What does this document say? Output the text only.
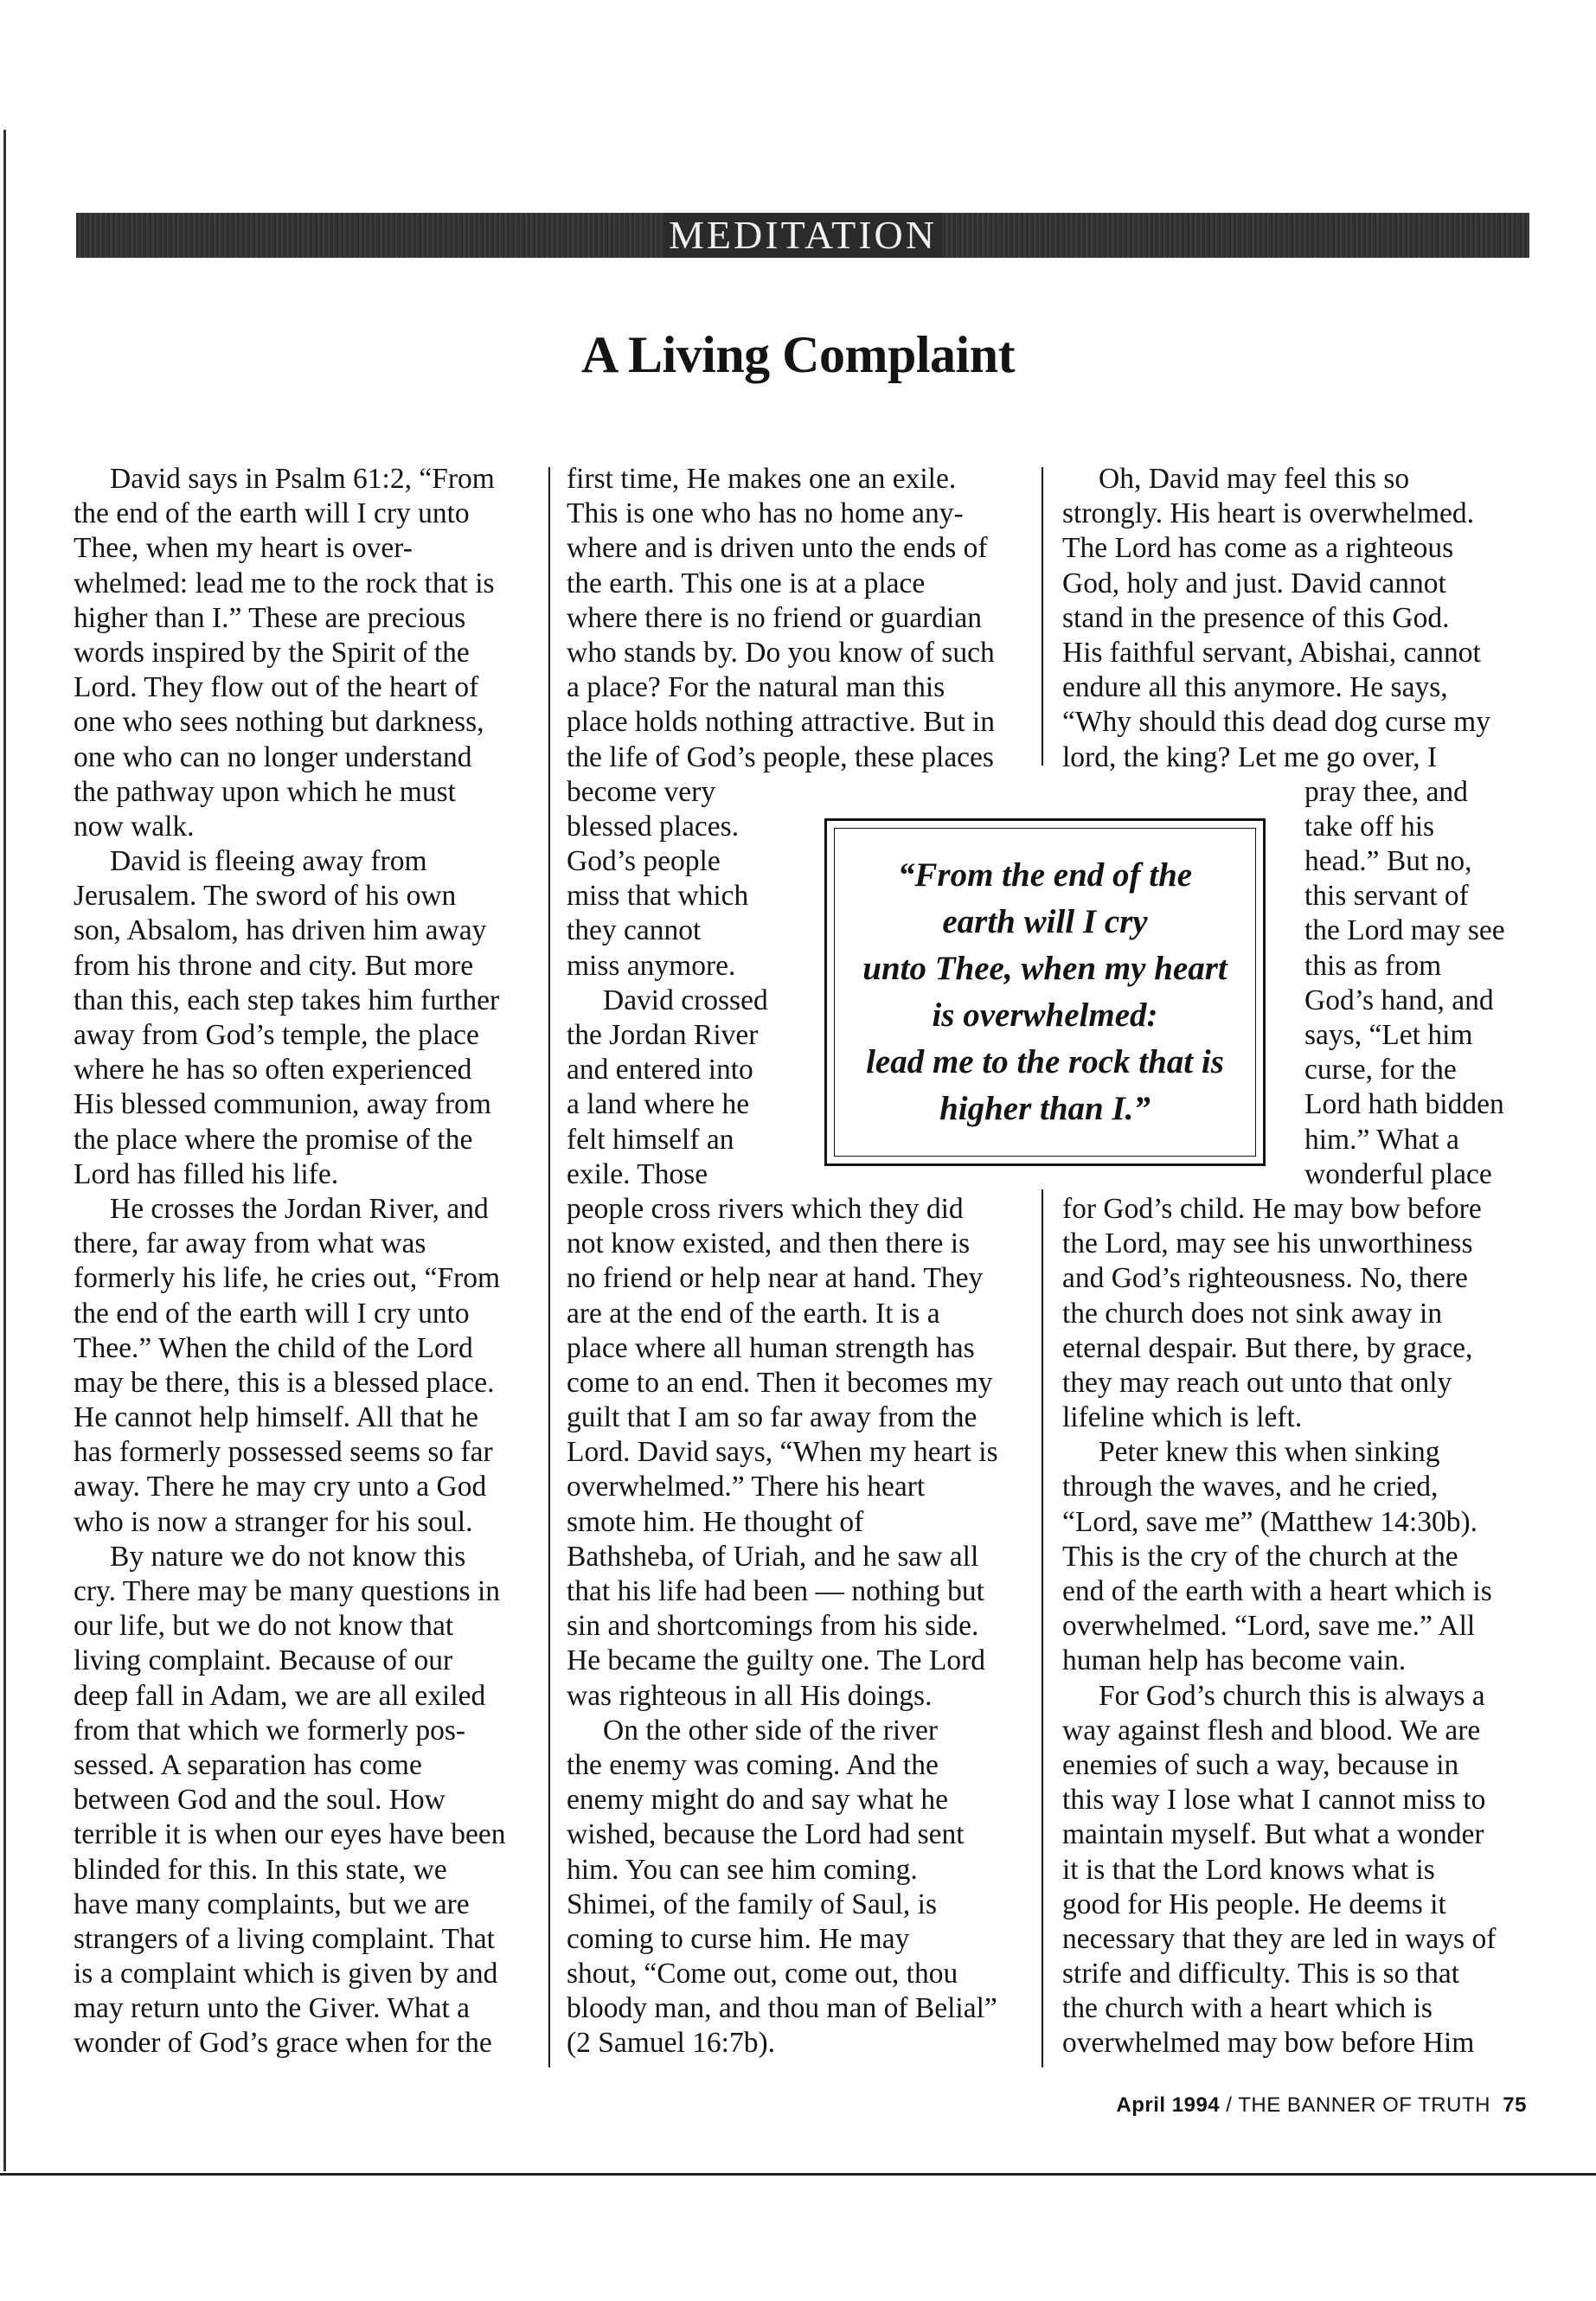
MEDITATION
A Living Complaint
David says in Psalm 61:2, “From
the end of the earth will I cry unto
Thee, when my heart is over-
whelmed: lead me to the rock that is
higher than I.” These are precious
words inspired by the Spirit of the
Lord. They flow out of the heart of
one who sees nothing but darkness,
one who can no longer understand
the pathway upon which he must
now walk.
David is fleeing away from
Jerusalem. The sword of his own
son, Absalom, has driven him away
from his throne and city. But more
than this, each step takes him further
away from God’s temple, the place
where he has so often experienced
His blessed communion, away from
the place where the promise of the
Lord has filled his life.
He crosses the Jordan River, and
there, far away from what was
formerly his life, he cries out, “From
the end of the earth will I cry unto
Thee.” When the child of the Lord
may be there, this is a blessed place.
He cannot help himself. All that he
has formerly possessed seems so far
away. There he may cry unto a God
who is now a stranger for his soul.
By nature we do not know this
cry. There may be many questions in
our life, but we do not know that
living complaint. Because of our
deep fall in Adam, we are all exiled
from that which we formerly pos-
sessed. A separation has come
between God and the soul. How
terrible it is when our eyes have been
blinded for this. In this state, we
have many complaints, but we are
strangers of a living complaint. That
is a complaint which is given by and
may return unto the Giver. What a
wonder of God’s grace when for the
first time, He makes one an exile.
This is one who has no home any-
where and is driven unto the ends of
the earth. This one is at a place
where there is no friend or guardian
who stands by. Do you know of such
a place? For the natural man this
place holds nothing attractive. But in
the life of God’s people, these places
become very
blessed places.
God’s people
miss that which
they cannot
miss anymore.
David crossed
the Jordan River
and entered into
a land where he
felt himself an
exile. Those
people cross rivers which they did
not know existed, and then there is
no friend or help near at hand. They
are at the end of the earth. It is a
place where all human strength has
come to an end. Then it becomes my
guilt that I am so far away from the
Lord. David says, “When my heart is
overwhelmed.” There his heart
smote him. He thought of
Bathsheba, of Uriah, and he saw all
that his life had been — nothing but
sin and shortcomings from his side.
He became the guilty one. The Lord
was righteous in all His doings.
On the other side of the river
the enemy was coming. And the
enemy might do and say what he
wished, because the Lord had sent
him. You can see him coming.
Shimei, of the family of Saul, is
coming to curse him. He may
shout, “Come out, come out, thou
bloody man, and thou man of Belial”
(2 Samuel 16:7b).
Oh, David may feel this so
strongly. His heart is overwhelmed.
The Lord has come as a righteous
God, holy and just. David cannot
stand in the presence of this God.
His faithful servant, Abishai, cannot
endure all this anymore. He says,
“Why should this dead dog curse my
lord, the king? Let me go over, I
pray thee, and
take off his
head.” But no,
this servant of
the Lord may see
this as from
God’s hand, and
says, “Let him
curse, for the
Lord hath bidden
him.” What a
wonderful place
for God’s child. He may bow before
the Lord, may see his unworthiness
and God’s righteousness. No, there
the church does not sink away in
eternal despair. But there, by grace,
they may reach out unto that only
lifeline which is left.
Peter knew this when sinking
through the waves, and he cried,
“Lord, save me” (Matthew 14:30b).
This is the cry of the church at the
end of the earth with a heart which is
overwhelmed. “Lord, save me.” All
human help has become vain.
For God’s church this is always a
way against flesh and blood. We are
enemies of such a way, because in
this way I lose what I cannot miss to
maintain myself. But what a wonder
it is that the Lord knows what is
good for His people. He deems it
necessary that they are led in ways of
strife and difficulty. This is so that
the church with a heart which is
overwhelmed may bow before Him
“From the end of the
earth will I cry
unto Thee, when my heart
is overwhelmed:
lead me to the rock that is
higher than I.”
April 1994 / THE BANNER OF TRUTH 75
